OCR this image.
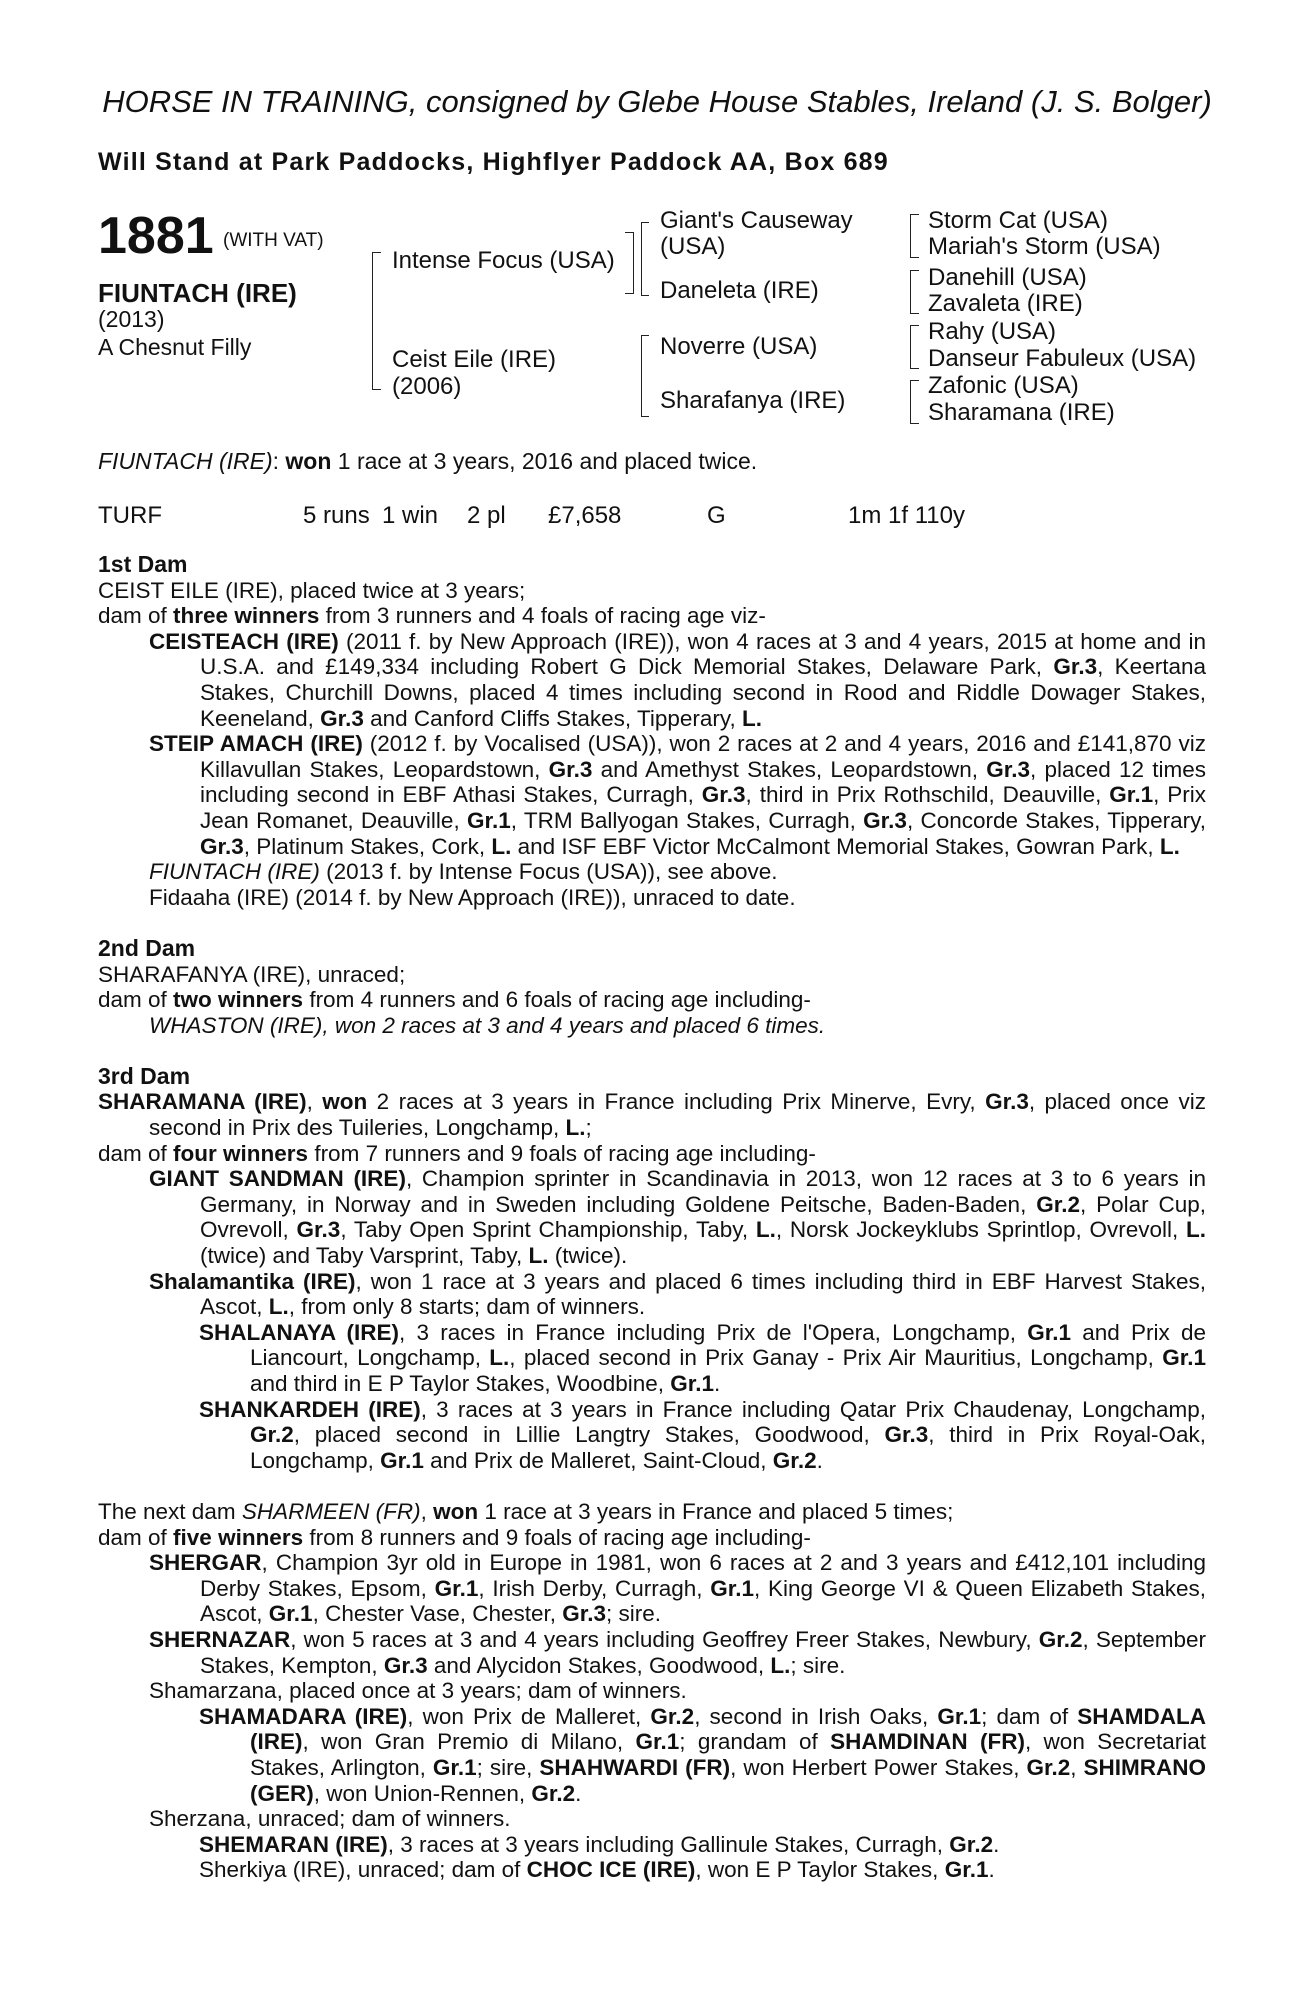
HORSE IN TRAINING, consigned by Glebe House Stables, Ireland (J. S. Bolger)
Will Stand at Park Paddocks, Highflyer Paddock AA, Box 689
1881 (WITH VAT)
FIUNTACH (IRE)
(2013)
A Chesnut Filly
Intense Focus (USA)
Ceist Eile (IRE)
(2006)
Giant's Causeway
(USA)
Daneleta (IRE)
Noverre (USA)
Sharafanya (IRE)
Storm Cat (USA)
Mariah's Storm (USA)
Danehill (USA)
Zavaleta (IRE)
Rahy (USA)
Danseur Fabuleux (USA)
Zafonic (USA)
Sharamana (IRE)
FIUNTACH (IRE): won 1 race at 3 years, 2016 and placed twice.
TURF	5 runs 1 win 2 pl £7,658	G	1m 1f 110y

1st Dam

CEIST EILE (IRE), placed twice at 3 years;

dam of three winners from 3 runners and 4 foals of racing age viz-

CEISTEACH (IRE) (2011 f. by New Approach (IRE)), won 4 races at 3 and 4 years, 2015 at home and in U.S.A. and £149,334 including Robert G Dick Memorial Stakes, Delaware Park, Gr.3, Keertana Stakes, Churchill Downs, placed 4 times including second in Rood and Riddle Dowager Stakes, Keeneland, Gr.3 and Canford Cliffs Stakes, Tipperary, L.

STEIP AMACH (IRE) (2012 f. by Vocalised (USA)), won 2 races at 2 and 4 years, 2016 and £141,870 viz Killavullan Stakes, Leopardstown, Gr.3 and Amethyst Stakes, Leopardstown, Gr.3, placed 12 times including second in EBF Athasi Stakes, Curragh, Gr.3, third in Prix Rothschild, Deauville, Gr.1, Prix Jean Romanet, Deauville, Gr.1, TRM Ballyogan Stakes, Curragh, Gr.3, Concorde Stakes, Tipperary, Gr.3, Platinum Stakes, Cork, L. and ISF EBF Victor McCalmont Memorial Stakes, Gowran Park, L.

FIUNTACH (IRE) (2013 f. by Intense Focus (USA)), see above.

Fidaaha (IRE) (2014 f. by New Approach (IRE)), unraced to date.

2nd Dam

SHARAFANYA (IRE), unraced;

dam of two winners from 4 runners and 6 foals of racing age including-

WHASTON (IRE), won 2 races at 3 and 4 years and placed 6 times.

3rd Dam

SHARAMANA (IRE), won 2 races at 3 years in France including Prix Minerve, Evry, Gr.3, placed once viz second in Prix des Tuileries, Longchamp, L.;

dam of four winners from 7 runners and 9 foals of racing age including-

GIANT SANDMAN (IRE), Champion sprinter in Scandinavia in 2013, won 12 races at 3 to 6 years in Germany, in Norway and in Sweden including Goldene Peitsche, Baden-Baden, Gr.2, Polar Cup, Ovrevoll, Gr.3, Taby Open Sprint Championship, Taby, L., Norsk Jockeyklubs Sprintlop, Ovrevoll, L. (twice) and Taby Varsprint, Taby, L. (twice).

Shalamantika (IRE), won 1 race at 3 years and placed 6 times including third in EBF Harvest Stakes, Ascot, L., from only 8 starts; dam of winners.

SHALANAYA (IRE), 3 races in France including Prix de l'Opera, Longchamp, Gr.1 and Prix de Liancourt, Longchamp, L., placed second in Prix Ganay - Prix Air Mauritius, Longchamp, Gr.1 and third in E P Taylor Stakes, Woodbine, Gr.1.

SHANKARDEH (IRE), 3 races at 3 years in France including Qatar Prix Chaudenay, Longchamp, Gr.2, placed second in Lillie Langtry Stakes, Goodwood, Gr.3, third in Prix Royal-Oak, Longchamp, Gr.1 and Prix de Malleret, Saint-Cloud, Gr.2.

The next dam SHARMEEN (FR), won 1 race at 3 years in France and placed 5 times;

dam of five winners from 8 runners and 9 foals of racing age including-

SHERGAR, Champion 3yr old in Europe in 1981, won 6 races at 2 and 3 years and £412,101 including Derby Stakes, Epsom, Gr.1, Irish Derby, Curragh, Gr.1, King George VI & Queen Elizabeth Stakes, Ascot, Gr.1, Chester Vase, Chester, Gr.3; sire.

SHERNAZAR, won 5 races at 3 and 4 years including Geoffrey Freer Stakes, Newbury, Gr.2, September Stakes, Kempton, Gr.3 and Alycidon Stakes, Goodwood, L.; sire.

Shamarzana, placed once at 3 years; dam of winners.

SHAMADARA (IRE), won Prix de Malleret, Gr.2, second in Irish Oaks, Gr.1; dam of SHAMDALA (IRE), won Gran Premio di Milano, Gr.1; grandam of SHAMDINAN (FR), won Secretariat Stakes, Arlington, Gr.1; sire, SHAHWARDI (FR), won Herbert Power Stakes, Gr.2, SHIMRANO (GER), won Union-Rennen, Gr.2.

Sherzana, unraced; dam of winners.

SHEMARAN (IRE), 3 races at 3 years including Gallinule Stakes, Curragh, Gr.2.

Sherkiya (IRE), unraced; dam of CHOC ICE (IRE), won E P Taylor Stakes, Gr.1.
